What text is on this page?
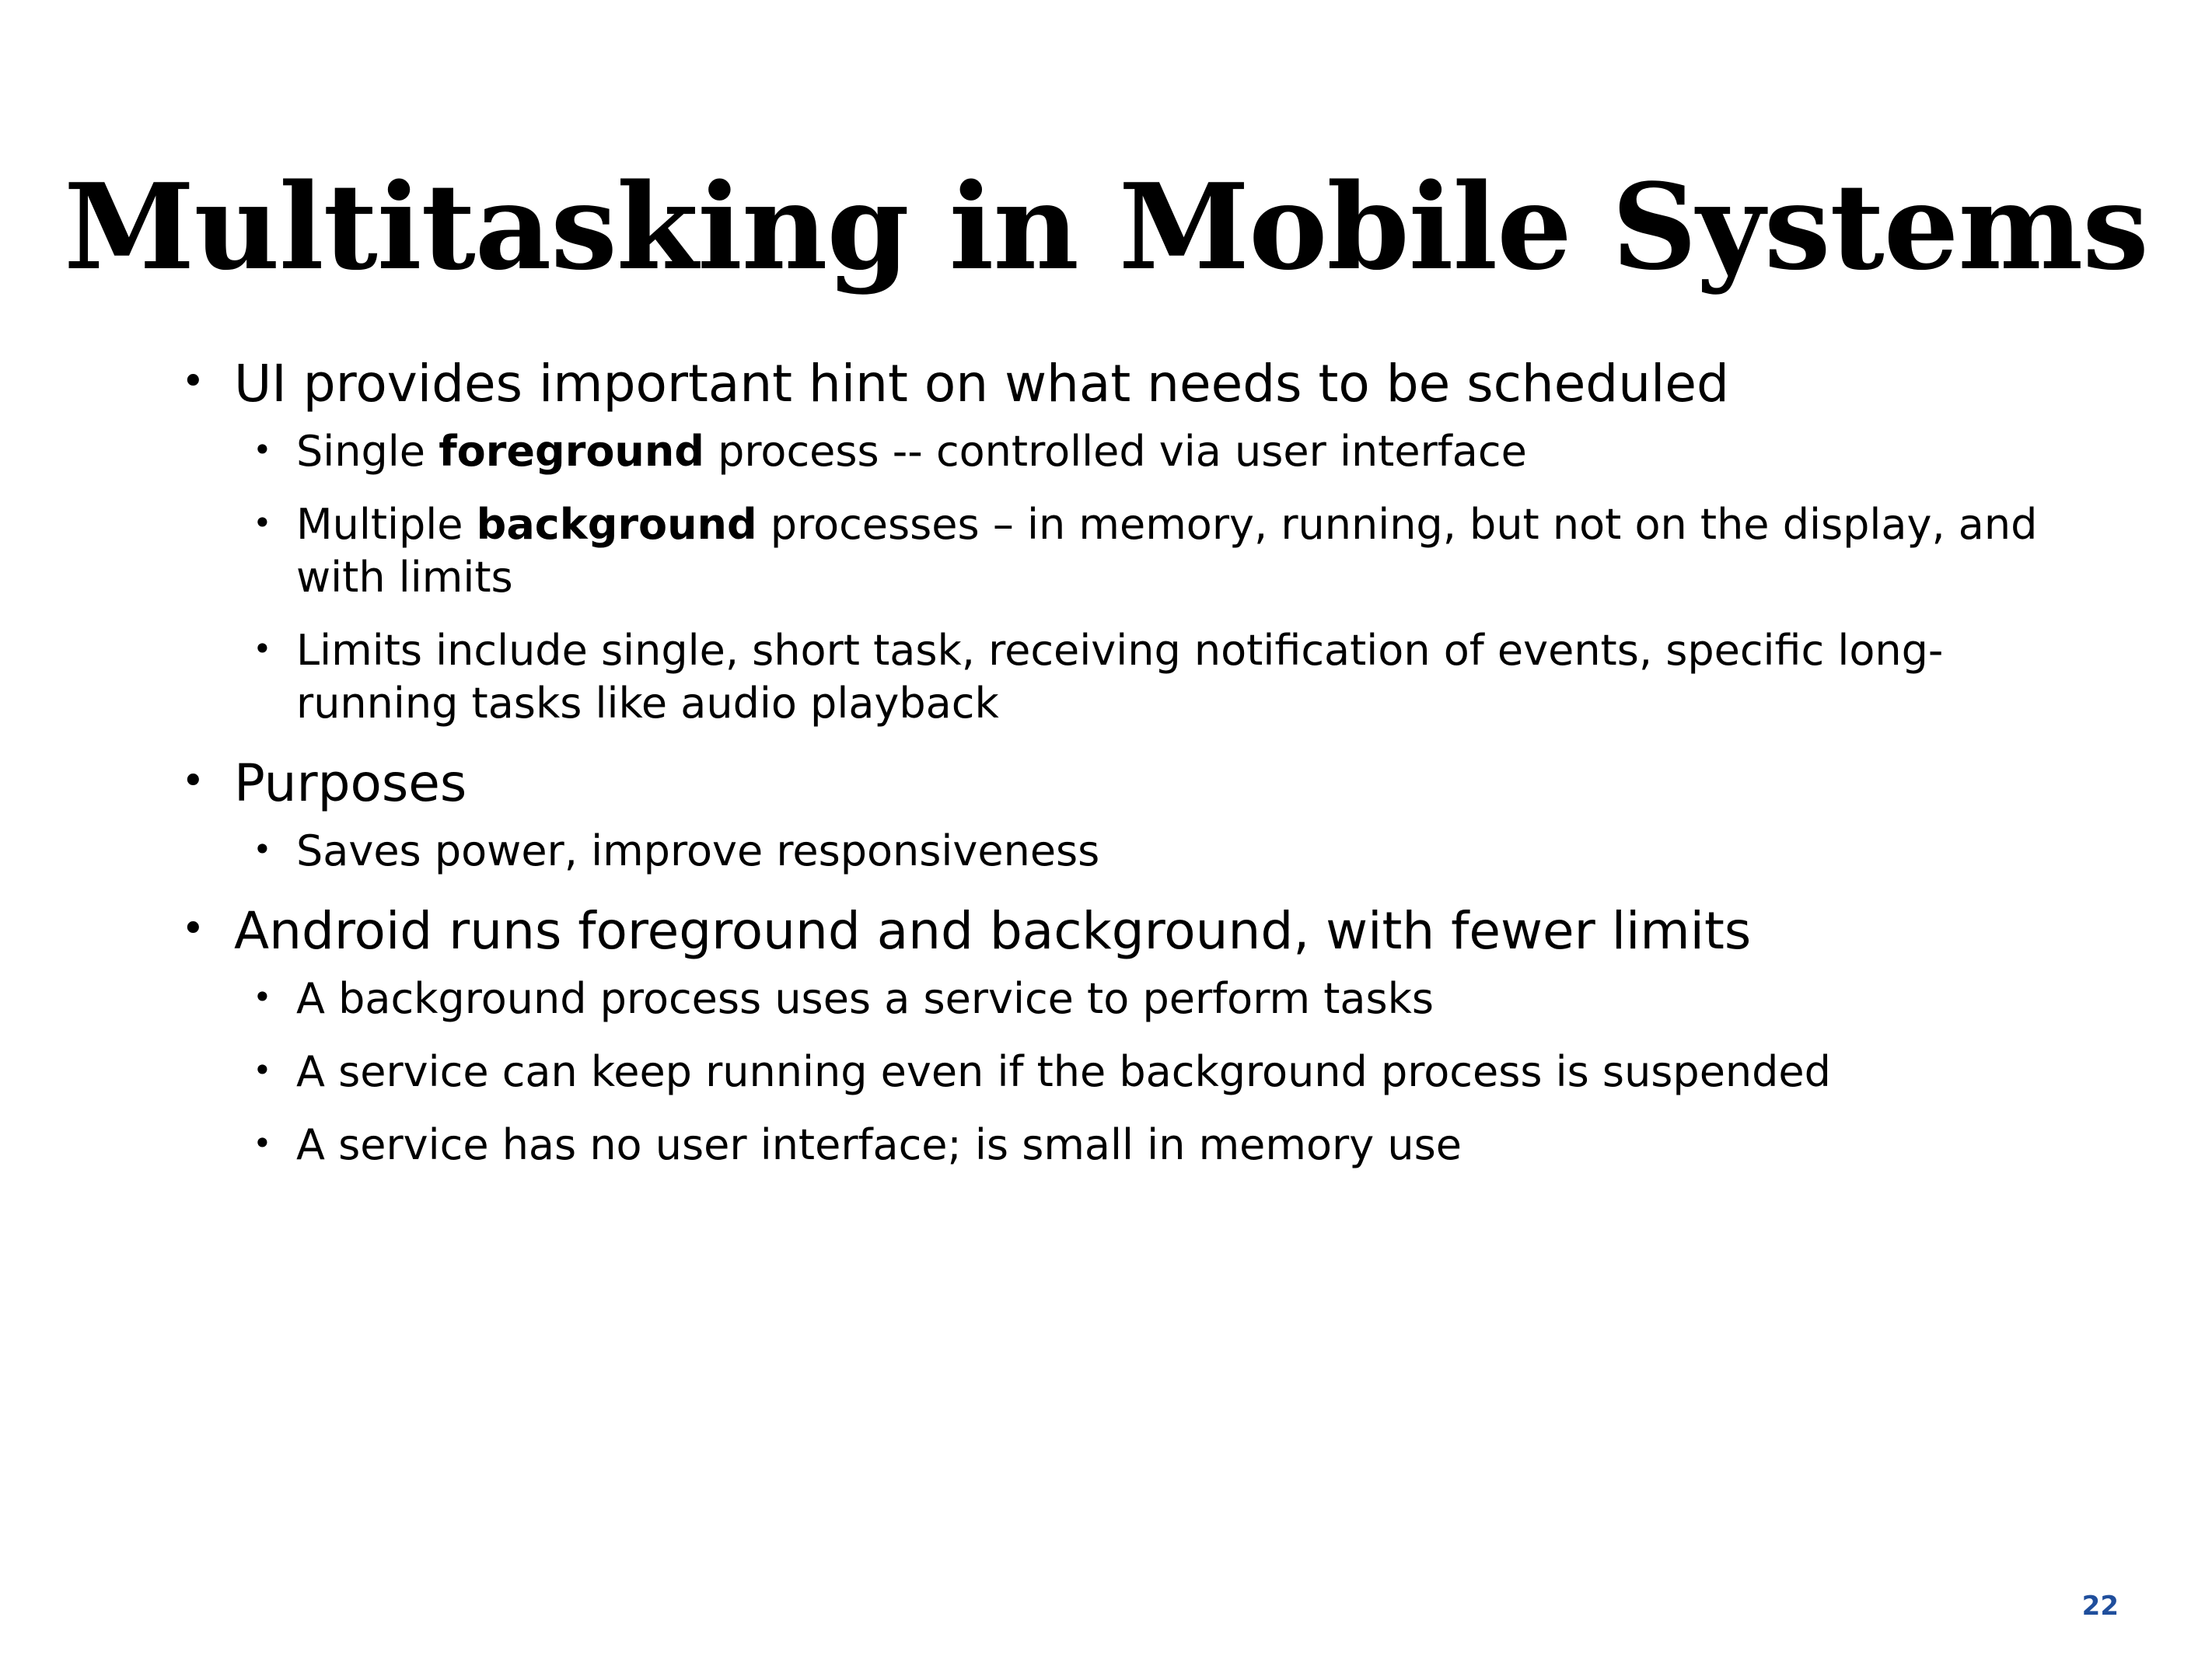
Multitasking in Mobile Systems
• UI provides important hint on what needs to be scheduled
• Single foreground process -- controlled via user interface
• Multiple background processes – in memory, running, but not on the display, and with limits
• Limits include single, short task, receiving notification of events, specific long-running tasks like audio playback
• Purposes
• Saves power, improve responsiveness
• Android runs foreground and background, with fewer limits
• A background process uses a service to perform tasks
• A service can keep running even if the background process is suspended
• A service has no user interface; is small in memory use
22
